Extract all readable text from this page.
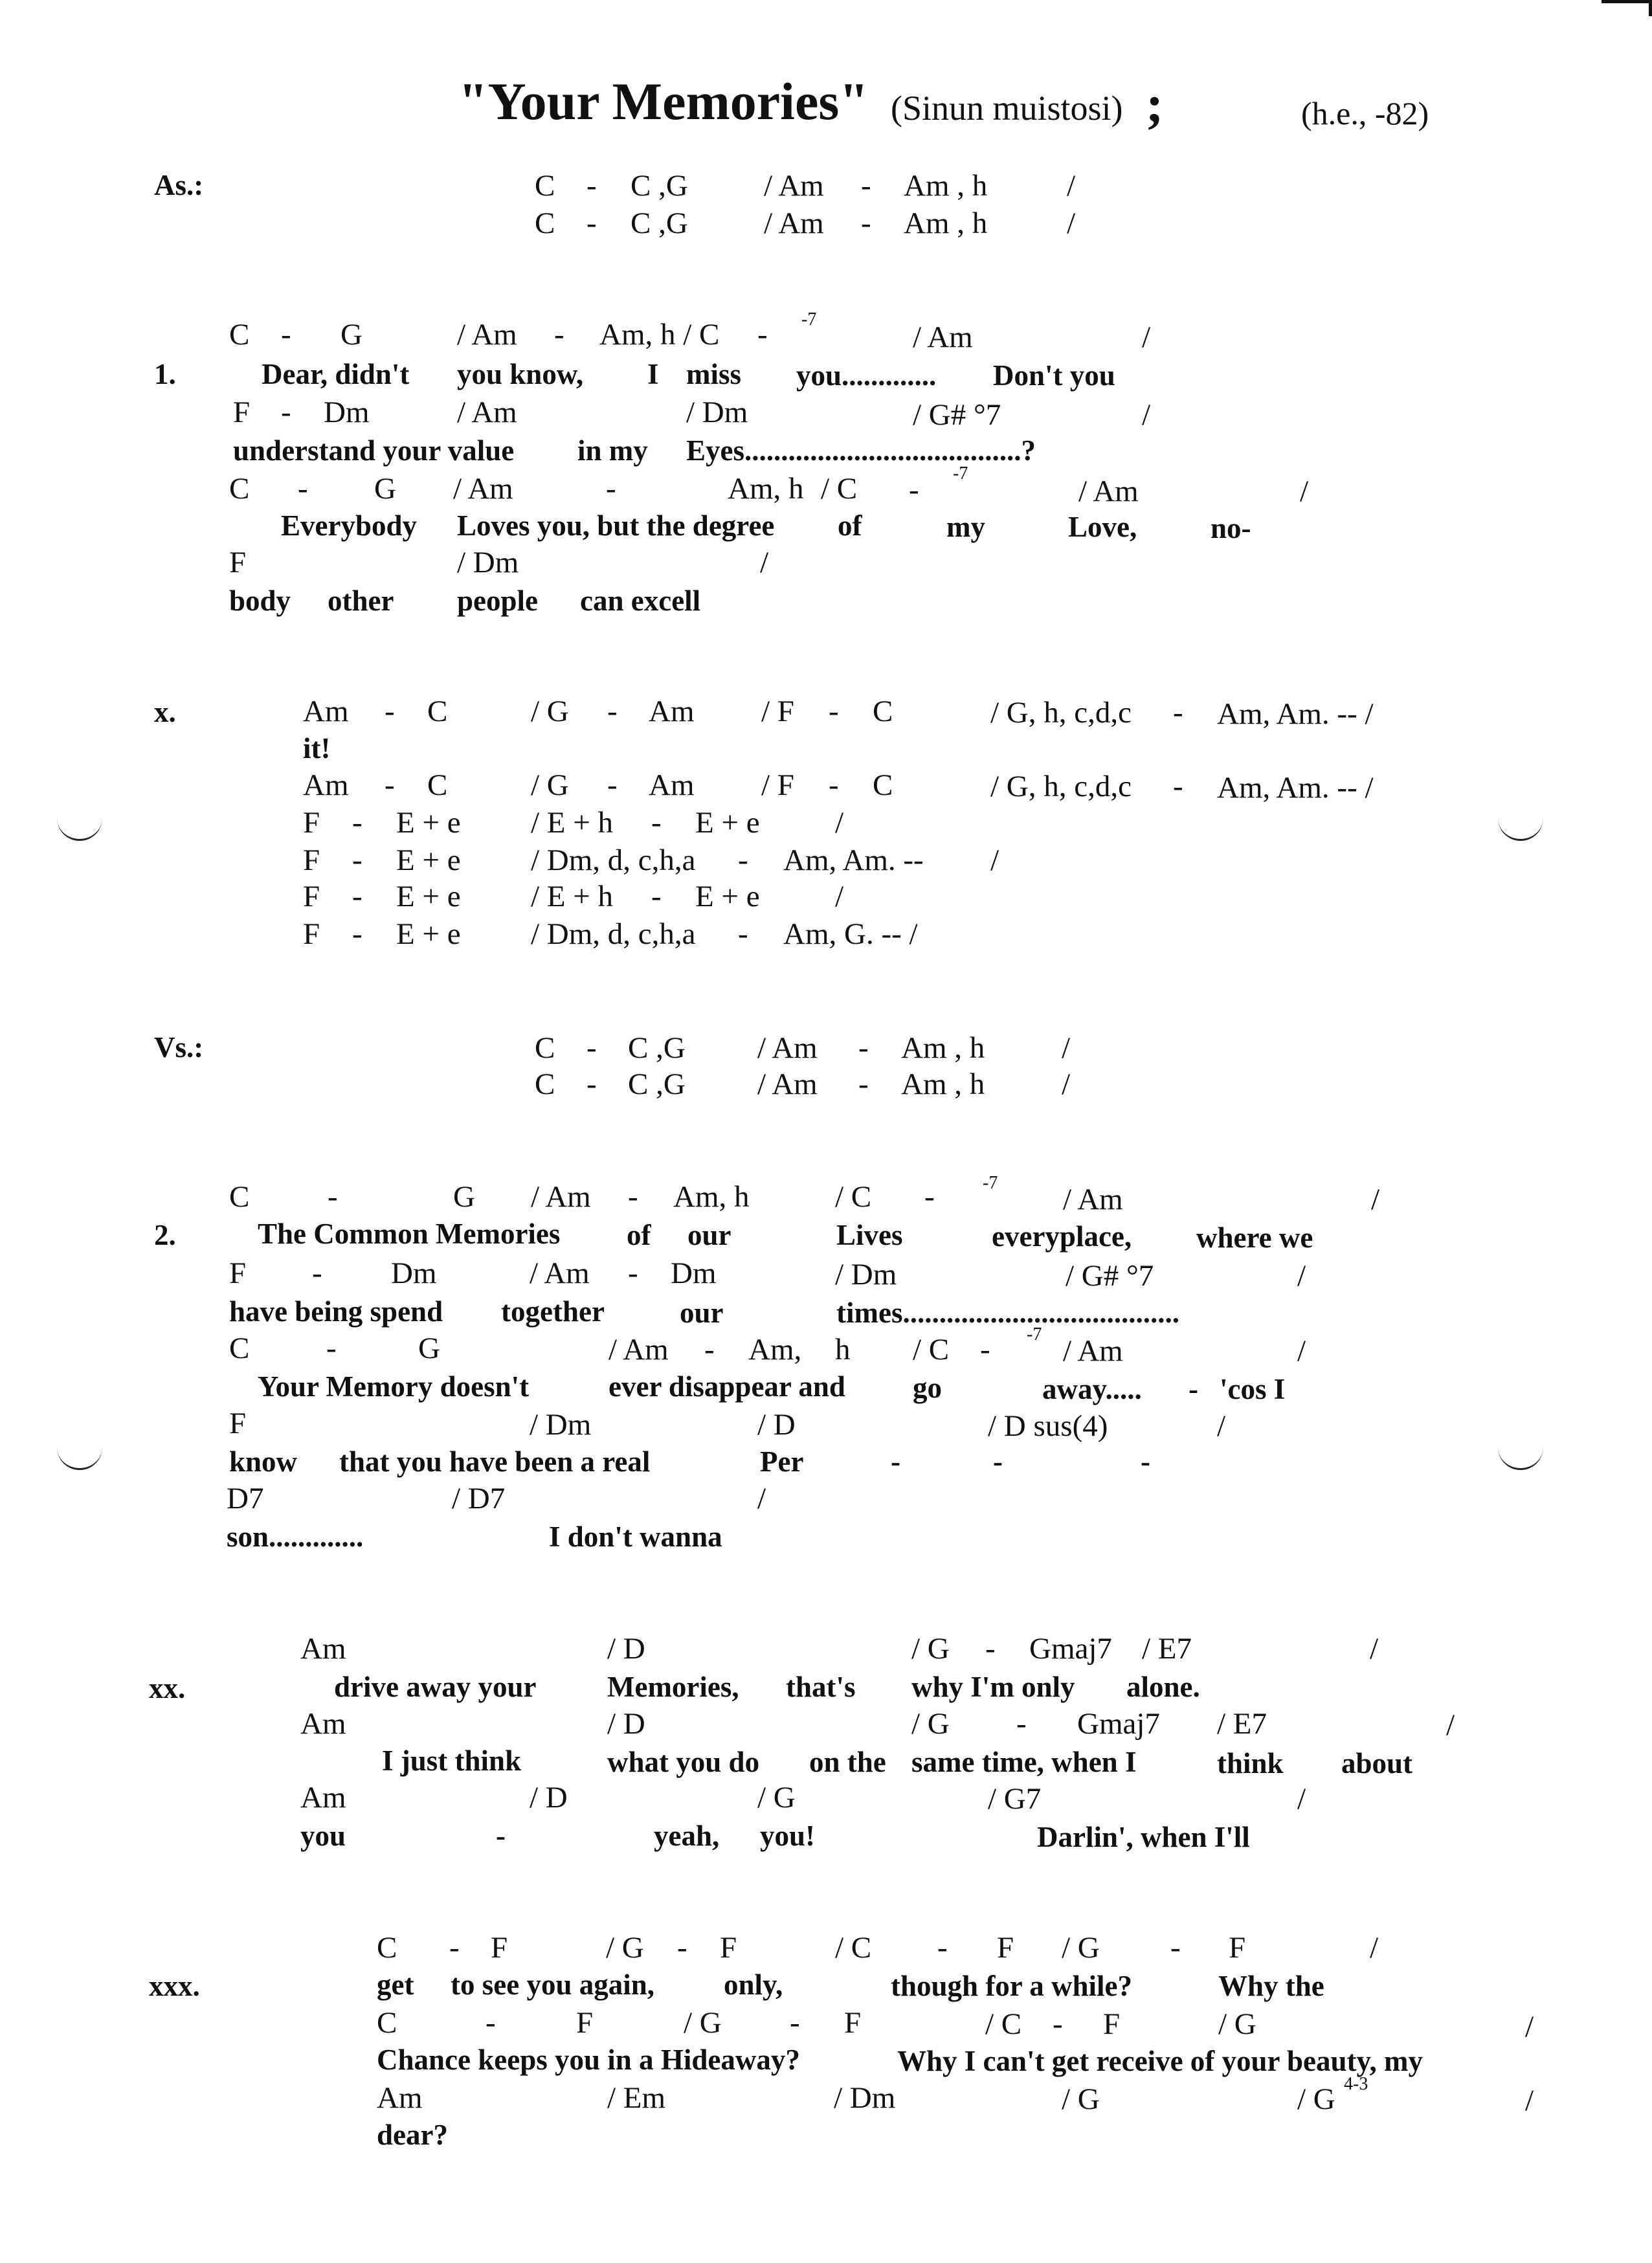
"Your Memories" (Sinun muistosi) ;	(h.e., -82)
As.:	C - C ,G / Am - Am , h	/
C - C ,G / Am - Am , h	/
1.
C - G	/ Am - Am, h / C - -7
/ Am	/
Dear, didn't you know, I miss you............. Don't you
F - Dm	/ Am	/ Dm	/ G# °7	/
understand your value in my Eyes......................................?
C - G / Am	-	Am, h / C - -7
/ Am	/
Everybody Loves you, but the degree of	my	Love,	no-
F	/ Dm	/
body other people can excell
x.	Am - C	/ G - Am / F - C	/ G, h, c,d,c - Am, Am. -- /
it!
Am - C	/ G - Am / F - C	/ G, h, c,d,c - Am, Am. -- /
F - E + e / E + h - E + e /
F - E + e / Dm, d, c,h,a - Am, Am. -- /
F - E + e / E + h - E + e /
F - E + e / Dm, d, c,h,a - Am, G. -- /
Vs.:	C - C ,G / Am - Am , h	/
C - C ,G / Am - Am , h	/
2.
C	-	G / Am - Am, h	/ C -	-7 / Am	/
The Common Memories of our	Lives	everyplace, where we
F - Dm	/ Am - Dm	/ Dm	/ G# °7	/
have being spend together	our	times......................................
C	-	G	/ Am - Am, h / C - -7 / Am	/
Your Memory doesn't	ever disappear and go	away..... - 'cos I
F	/ Dm	/ D	/ D sus(4)	/
know that you have been a real	Per	-	-	-
D7	/ D7	/
son.............	I don't wanna
xx.
Am	/ D	/ G - Gmaj7 / E7	/
drive away your Memories, that's why I'm only alone.
Am	/ D	/ G - Gmaj7 / E7	/
I just think	what you do on the same time, when I	think about
Am	/ D	/ G	/ G7	/
you	-	yeah, you!	Darlin', when I'll
xxx.
C - F	/ G - F	/ C - F / G - F	/
get to see you again, only,	though for a while?	Why the
C	-	F	/ G - F	/ C - F	/ G	/
Chance keeps you in a Hideaway?	Why I can't get receive of your beauty, my
Am	/ Em	/ Dm	/ G	/ G 4-3	/
dear?
